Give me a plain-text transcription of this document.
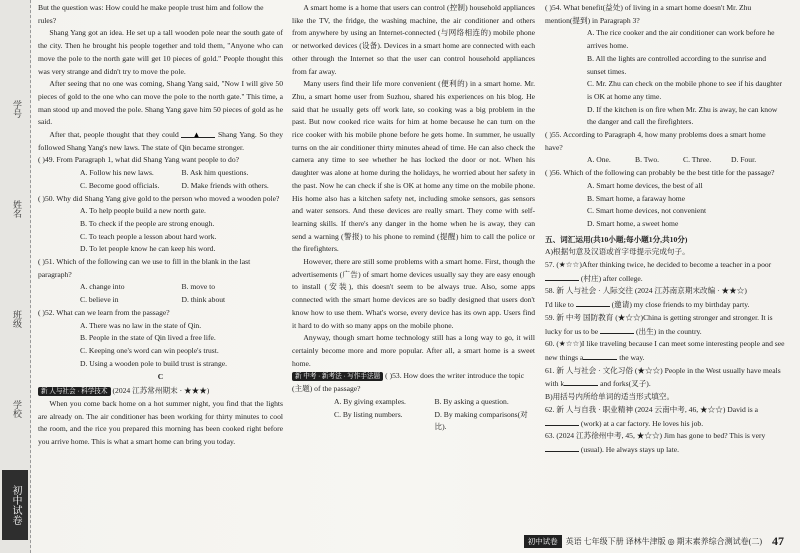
学号
姓名
班级
学校
初中试卷

But the question was: How could he make people trust him and follow the rules?

Shang Yang got an idea. He set up a tall wooden pole near the south gate of the city. Then he brought his people together and told them, "Anyone who can move the pole to the north gate will get 10 pieces of gold." People thought this was very strange and didn't try to move the pole.

After seeing that no one was coming, Shang Yang said, "Now I will give 50 pieces of gold to the one who can move the pole to the north gate." This time, a man stood up and moved the pole. Shang Yang gave him 50 pieces of gold as he said.

After that, people thought that they could ▲ Shang Yang. So they followed Shang Yang's new laws. The state of Qin became stronger.

( )49. From Paragraph 1, what did Shang Yang want people to do?

A. Follow his new laws.	B. Ask him questions.
C. Become good officials.	D. Make friends with others.

( )50. Why did Shang Yang give gold to the person who moved a wooden pole?

A. To help people build a new north gate.

B. To check if the people are strong enough.

C. To teach people a lesson about hard work.

D. To let people know he can keep his word.

( )51. Which of the following can we use to fill in the blank in the last paragraph?

A. change into	B. move to
C. believe in	D. think about

( )52. What can we learn from the passage?

A. There was no law in the state of Qin.

B. People in the state of Qin lived a free life.

C. Keeping one's word can win people's trust.

D. Using a wooden pole to build trust is strange.

C

新 人与社会 · 科学技术 (2024 江苏常州期末 · ★★★)

When you come back home on a hot summer night, you find that the lights are already on. The air conditioner has been working for thirty minutes to cool the room, and the rice you prepared this morning has been cooked right before you arrive home. This is what a smart home can bring you today.

A smart home is a home that users can control (控制) household appliances like the TV, the fridge, the washing machine, the air conditioner and others from anywhere by using an Internet-connected (与网络相连的) mobile phone or networked devices (设备). Devices in a smart home are connected with each other through the Internet so that the user can control household appliances from far away.

Many users find their life more convenient (便利的) in a smart home. Mr. Zhu, a smart home user from Suzhou, shared his experiences on his blog. He said that he usually gets off work late, so cooking was a big problem in the past. But now cooked rice waits for him at home because he can turn on the rice cooker with his mobile phone before he gets home. In summer, he usually turns on the air conditioner thirty minutes ahead of time. He can also check the camera any time to see whether he has locked the door or not. When his daughter was alone at home during the holidays, he worried about her safety in the past. Now he can check if she is OK at home any time on the mobile phone. His home also has a kitchen safety net, including smoke sensors, gas sensors and water sensors. And these devices are really smart. They come with self-learning skills. If there's any danger in the home when he is away, they can send a warning (警报) to his phone to remind (提醒) him to call the police or the firefighters.

However, there are still some problems with a smart home. First, though the advertisements (广告) of smart home devices usually say they are easy enough to install (安装), this doesn't seem to be always true. Also, some apps connected with the smart home devices are so badly designed that users don't know how to use them. What's worse, every device has its own app. Users find it hard to do with so many apps on the mobile phone.

Anyway, though smart home technology still has a long way to go, it will certainly become more and more popular. After all, a smart home is a sweet home.

新 中考 · 新考法 · 写作手法题 ( )53. How does the writer introduce the topic (主题) of the passage?

A. By giving examples.	B. By asking a question.
C. By listing numbers.	D. By making comparisons(对比).

( )54. What benefit(益处) of living in a smart home doesn't Mr. Zhu mention(提到) in Paragraph 3?

A. The rice cooker and the air conditioner can work before he arrives home.

B. All the lights are controlled according to the sunrise and sunset times.

C. Mr. Zhu can check on the mobile phone to see if his daughter is OK at home any time.

D. If the kitchen is on fire when Mr. Zhu is away, he can know the danger and call the firefighters.

( )55. According to Paragraph 4, how many problems does a smart home have?

A. One.	B. Two.	C. Three.	D. Four.

( )56. Which of the following can probably be the best title for the passage?

A. Smart home devices, the best of all

B. Smart home, a faraway home

C. Smart home devices, not convenient

D. Smart home, a sweet home

五、词汇运用(共10小题;每小题1分,共10分)

A)根据句意及汉语或首字母提示完成句子。

57. (★☆☆)After thinking twice, he decided to become a teacher in a poor  (村庄) after college.

58. 新 人与社会 · 人际交往 (2024 江苏南京期末改编 · ★★☆)
I'd like to	(邀请) my close friends to my birthday party.

59. 新 中考 国防教育 (★☆☆)China is getting stronger and stronger. It is lucky for us to be	(出生) in the country.

60. (★☆☆)I like traveling because I can meet some interesting people and see new things a	the way.

61. 新 人与社会 · 文化习俗 (★☆☆) People in the West usually have meals with k	and forks(叉子).

B)用括号内所给单词的适当形式填空。

62. 新 人与自我 · 职业精神 (2024 云南中考, 46, ★☆☆) David is a  (work) at a car factory. He loves his job.

63. (2024 江苏徐州中考, 45, ★☆☆) Jim has gone to bed? This is very  (usual). He always stays up late.

初中试卷	英语 七年级下册 译林牛津版 ◎ 期末素养综合测试卷(二) 47
